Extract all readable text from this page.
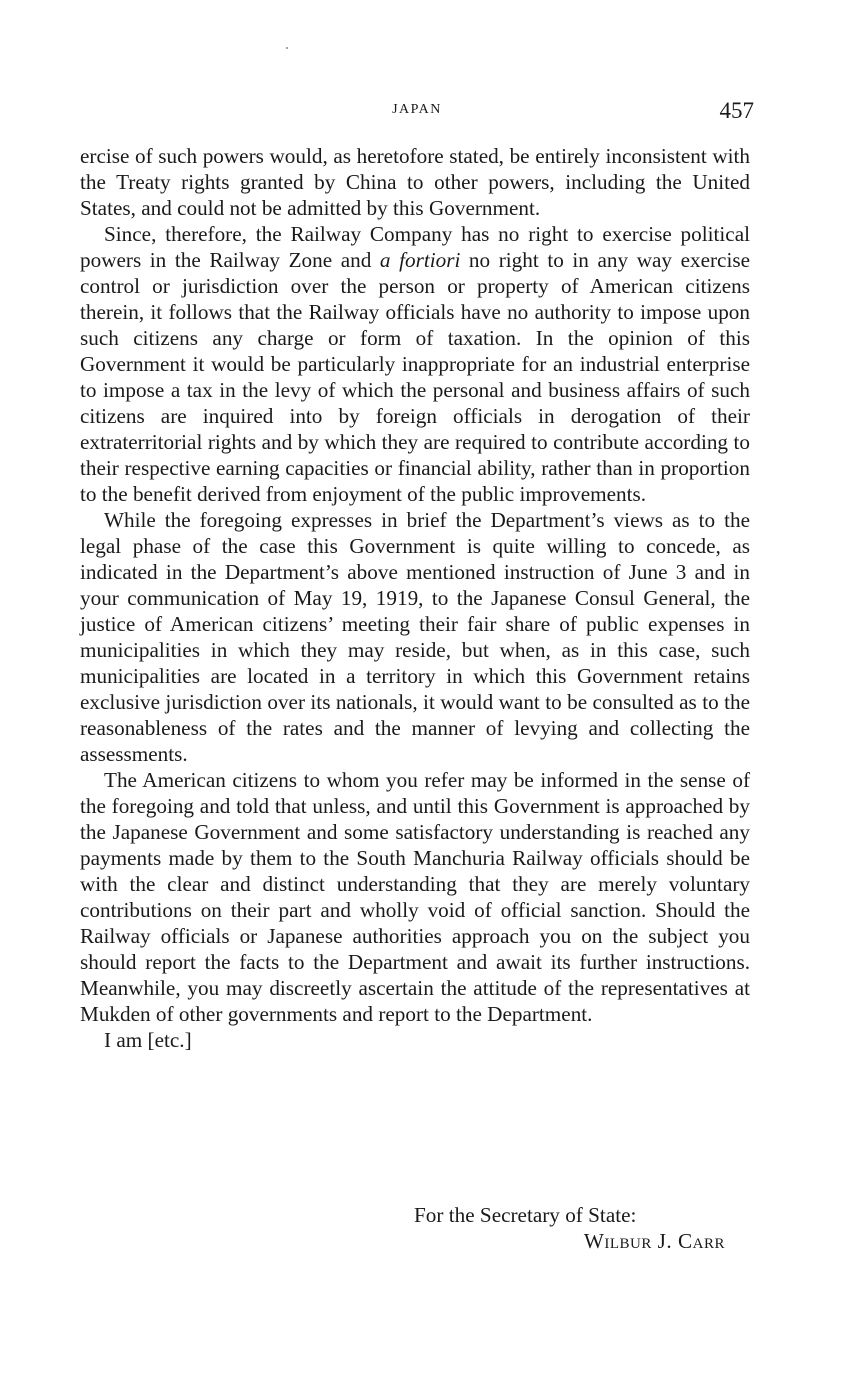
JAPAN	457

ercise of such powers would, as heretofore stated, be entirely inconsistent with the Treaty rights granted by China to other powers, including the United States, and could not be admitted by this Government.

Since, therefore, the Railway Company has no right to exercise political powers in the Railway Zone and a fortiori no right to in any way exercise control or jurisdiction over the person or property of American citizens therein, it follows that the Railway officials have no authority to impose upon such citizens any charge or form of taxation. In the opinion of this Government it would be particularly inappropriate for an industrial enterprise to impose a tax in the levy of which the personal and business affairs of such citizens are inquired into by foreign officials in derogation of their extraterritorial rights and by which they are required to contribute according to their respective earning capacities or financial ability, rather than in proportion to the benefit derived from enjoyment of the public improvements.

While the foregoing expresses in brief the Department’s views as to the legal phase of the case this Government is quite willing to concede, as indicated in the Department’s above mentioned instruction of June 3 and in your communication of May 19, 1919, to the Japanese Consul General, the justice of American citizens’ meeting their fair share of public expenses in municipalities in which they may reside, but when, as in this case, such municipalities are located in a territory in which this Government retains exclusive jurisdiction over its nationals, it would want to be consulted as to the reasonableness of the rates and the manner of levying and collecting the assessments.

The American citizens to whom you refer may be informed in the sense of the foregoing and told that unless, and until this Government is approached by the Japanese Government and some satisfactory understanding is reached any payments made by them to the South Manchuria Railway officials should be with the clear and distinct understanding that they are merely voluntary contributions on their part and wholly void of official sanction. Should the Railway officials or Japanese authorities approach you on the subject you should report the facts to the Department and await its further instructions. Meanwhile, you may discreetly ascertain the attitude of the representatives at Mukden of other governments and report to the Department.

I am [etc.]

For the Secretary of State:
Wilbur J. Carr
